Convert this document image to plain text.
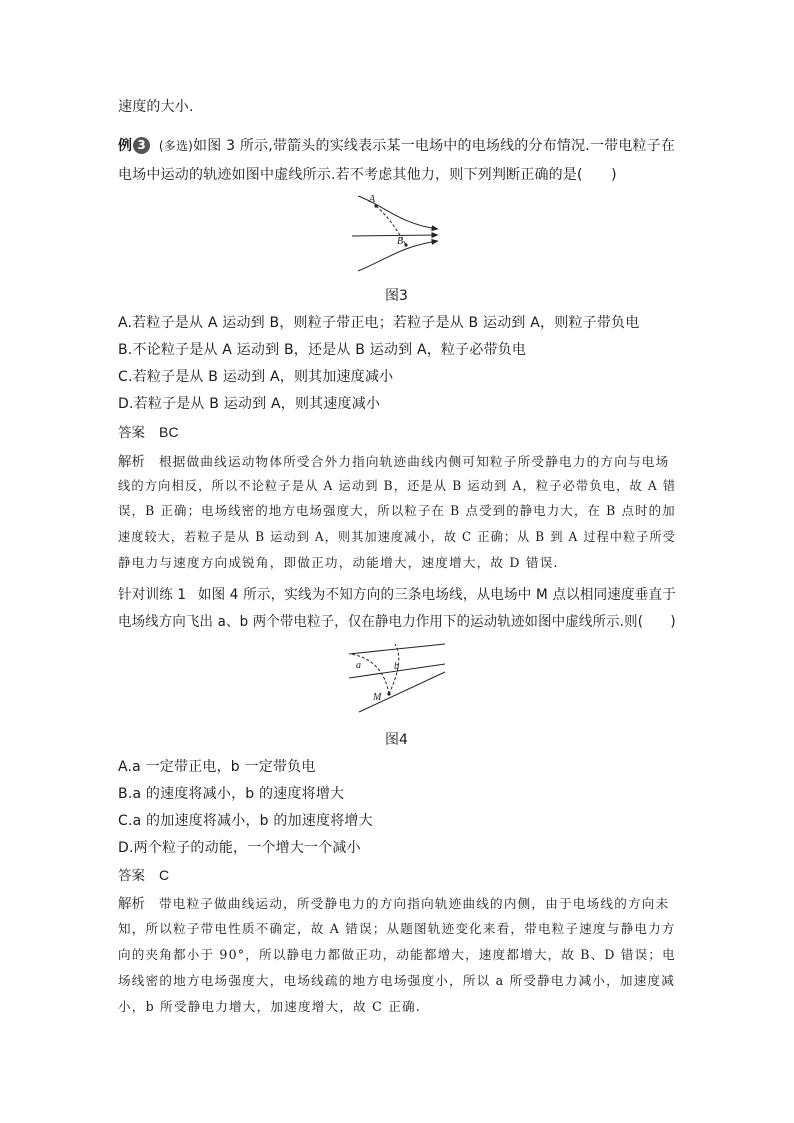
速度的大小.
例 3 (多选)如图 3 所示,带箭头的实线表示某一电场中的电场线的分布情况.一带电粒子在
电场中运动的轨迹如图中虚线所示.若不考虑其他力，则下列判断正确的是(　　)
A
B
图3
A.若粒子是从 A 运动到 B，则粒子带正电；若粒子是从 B 运动到 A，则粒子带负电
B.不论粒子是从 A 运动到 B，还是从 B 运动到 A，粒子必带负电
C.若粒子是从 B 运动到 A，则其加速度减小
D.若粒子是从 B 运动到 A，则其速度减小
答案 BC
解析 根据做曲线运动物体所受合外力指向轨迹曲线内侧可知粒子所受静电力的方向与电场
线的方向相反，所以不论粒子是从 A 运动到 B，还是从 B 运动到 A，粒子必带负电，故 A 错
误，B 正确；电场线密的地方电场强度大，所以粒子在 B 点受到的静电力大，在 B 点时的加
速度较大，若粒子是从 B 运动到 A，则其加速度减小，故 C 正确；从 B 到 A 过程中粒子所受
静电力与速度方向成锐角，即做正功，动能增大，速度增大，故 D 错误.
针对训练 1 如图 4 所示，实线为不知方向的三条电场线，从电场中 M 点以相同速度垂直于
电场线方向飞出 a、b 两个带电粒子，仅在静电力作用下的运动轨迹如图中虚线所示.则(　　)
a	b
M
图4
A.a 一定带正电，b 一定带负电
B.a 的速度将减小，b 的速度将增大
C.a 的加速度将减小，b 的加速度将增大
D.两个粒子的动能，一个增大一个减小
答案 C
解析 带电粒子做曲线运动，所受静电力的方向指向轨迹曲线的内侧，由于电场线的方向未
知，所以粒子带电性质不确定，故 A 错误；从题图轨迹变化来看，带电粒子速度与静电力方
向的夹角都小于 90°，所以静电力都做正功，动能都增大，速度都增大，故 B、D 错误；电
场线密的地方电场强度大，电场线疏的地方电场强度小，所以 a 所受静电力减小，加速度减
小，b 所受静电力增大，加速度增大，故 C 正确.
